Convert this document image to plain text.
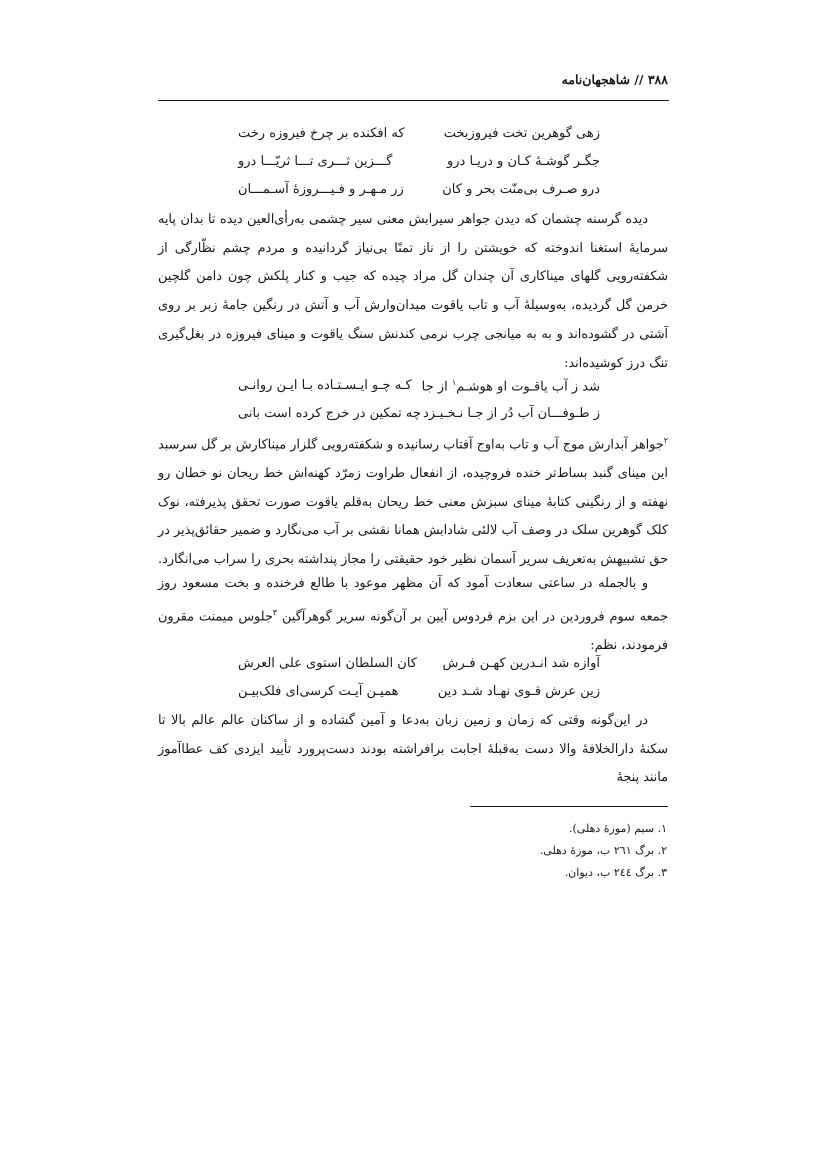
۳۸۸ // شاهجهان‌نامه
زهی گوهرین تخت فیروزبخت
که افکنده بر چرخ فیروزه رخت
جگـر گوشـهٔ کـان و دریـا درو
گـــزین ثـــری تـــا ثریّـــا درو
درو صـرف بی‌منّت بحر و کان
زر مـهـر و فـیـــروزهٔ آسـمـــان
دیده گرسنه چشمان که دیدن جواهر سیرابش معنی سیر چشمی به‌رأی‌العین دیده تا بدان پایه سرمایهٔ استغنا اندوخته که خویشتن را از ناز تمنًا بی‌نیاز گردانیده و مردم چشم نظّارگی از شکفته‌رویی گلهای میناکاری آن چندان گل مراد چیده که جیب و کنار پلکش چون دامن گلچین خرمن گل گردیده، به‌وسیلهٔ آب و تاب یاقوت میدان‌وارش آب و آتش در رنگین جامهٔ زبر بر روی آشتی در گشوده‌اند و به به میانجی چرب نرمی کندنش سنگ یاقوت و مینای فیروزه در بغل‌گیری تنگ درز کوشیده‌اند:
شد ز آب یاقـوت او هوشـم$^۱$ از جا
کـه چـو ایـسـتـاده بـا ایـن روانـی
ز طـوفـــان آب دُر از جـا نـخـیـزد
چه تمکین در خرج کرده است بانی
$^۲$جواهر آبدارش موج آب و تاب به‌اوج آفتاب رسانیده و شکفته‌رویی گلزار میناکارش بر گل سرسبد این مینای گنبد بساط‌تر خنده فروچیده، از انفعال طراوت زمرّد کهنه‌اش خط ریحان نو خطان رو نهفته و از رنگینی کتابهٔ مینای سبزش معنی خط ریحان به‌قلم یاقوت صورت تحقق پذیرفته، نوک کلک گوهرین سلک در وصف آب لالئی شادابش همانا نقشی بر آب می‌نگارد و ضمیر حقائق‌پذیر در حق تشبیهش به‌تعریف سریر آسمان نظیر خود حقیقتی را مجاز پنداشته بحری را سراب می‌انگارد.
و بالجمله در ساعتی سعادت آمود که آن مظهر موعود با طالع فرخنده و بخت مسعود روز جمعه سوم فروردین در این بزم فردوس آیین بر آن‌گونه سریر گوهرآگین $^۳$جلوس میمنت مقرون فرمودند، نظم:
آوازه شد انـدرین کهـن فـرش
کان السلطان استوی علی العرش
زین عرش قـوی نهـاد شـد دین
همیـن آیـت کرسی‌ای فلک‌بیـن
در این‌گونه وقتی که زمان و زمین زبان به‌دعا و آمین گشاده و از ساکنان عالم عالم بالا تا سکنهٔ دارالخلافهٔ والا دست به‌قبلهٔ اجابت برافراشته بودند دست‌پرورد تأیید ایزدی کف عطاآموز مانند پنجهٔ
۱. سیم (موزهٔ دهلی).
۲. برگ ۲٦۱ ب، موزهٔ دهلی.
۳. برگ ۲٤٤ ب، دیوان.
